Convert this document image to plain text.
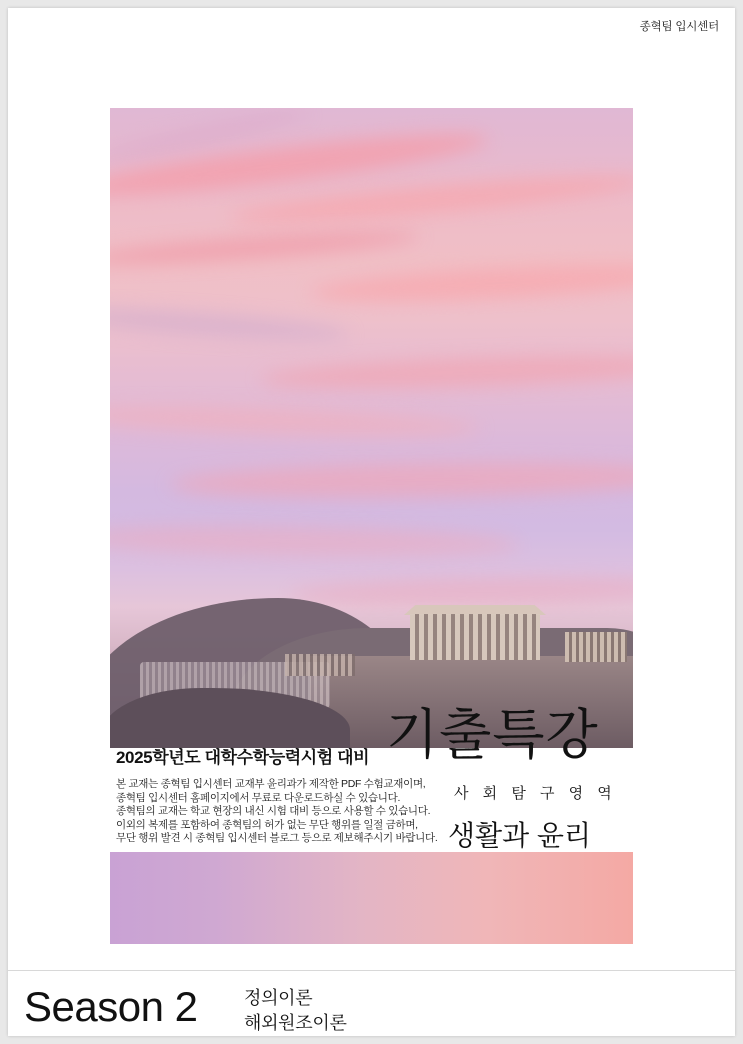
종혁팀 입시센터
기출특강
사 회 탐 구 영 역
생활과 윤리
2025학년도 대학수학능력시험 대비
본 교재는 종혁팀 입시센터 교재부 윤리과가 제작한 PDF 수험교재이며,
종혁팀 입시센터 홈페이지에서 무료로 다운로드하실 수 있습니다.
종혁팀의 교재는 학교 현장의 내신 시험 대비 등으로 사용할 수 있습니다.
이외의 복제를 포함하여 종혁팀의 허가 없는 무단 행위를 일절 금하며,
무단 행위 발견 시 종혁팀 입시센터 블로그 등으로 제보해주시기 바랍니다.
Season 2	정의이론
해외원조이론
